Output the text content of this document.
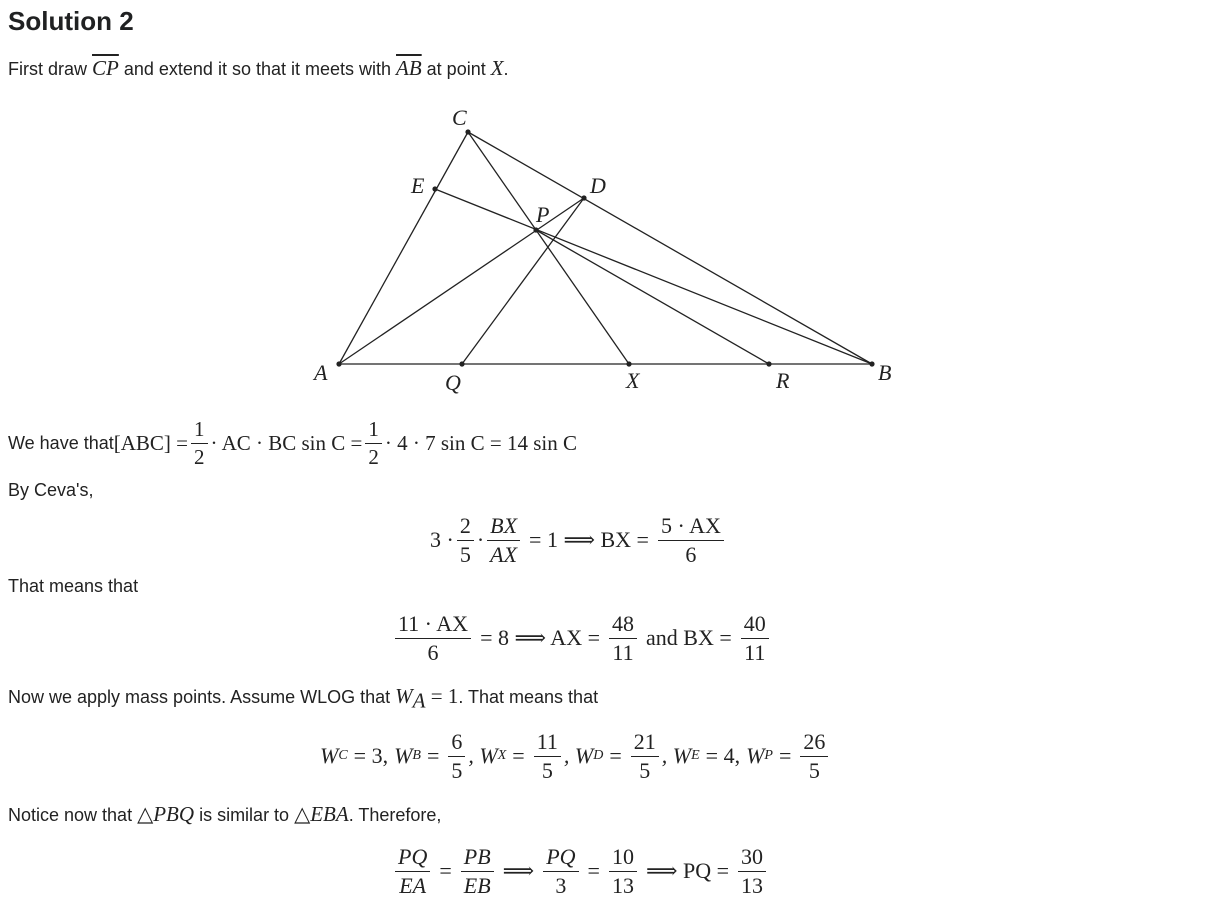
Solution 2
First draw $\overline{CP}$ and extend it so that it meets with $\overline{AB}$ at point X.
C
E	D
P
A	Q	X	R	B
We have that $[ABC] = \frac{1}{2}$ · AC · BC $\sin C = \frac{1}{2} \cdot 4 \cdot 7$ sin C = 14 sin C
By Ceva's,
$3 \cdot \frac{2}{5} \cdot \frac{BX}{AX} = 1$ ⟹ BX = $\frac{5 \cdot AX}{6}$
That means that
$\frac{11 \cdot AX}{6} = 8$ ⟹ AX = $\frac{48}{11}$ and BX = $\frac{40}{11}$
Now we apply mass points. Assume WLOG that $W_A = 1$. That means that
W C = 3, W $B = \frac{6}{5}$ , W $X = \frac{11}{5}$ , W $D = \frac{21}{5}$ , W E = 4, W $P = \frac{26}{5}$
Notice now that △PBQ is similar to △EBA. Therefore,
$\frac{PQ}{EA} = \frac{PB}{EB}$ ⟹ $\frac{PQ}{3} = \frac{10}{13}$ ⟹ PQ = $\frac{30}{13}$
